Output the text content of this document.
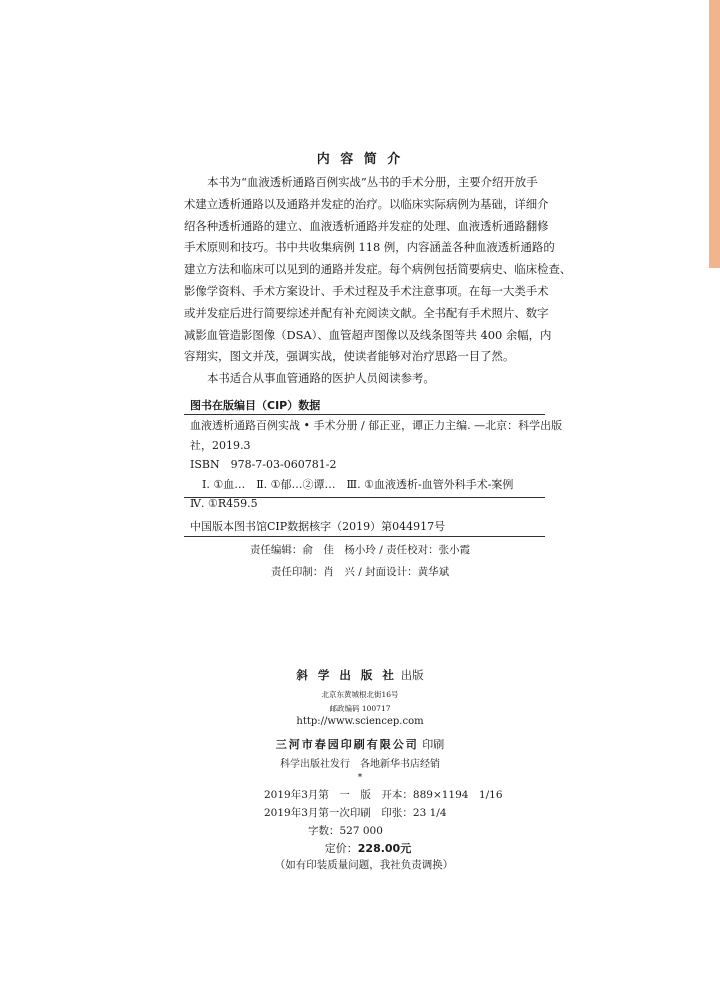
内 容 简 介
本书为“血液透析通路百例实战”丛书的手术分册，主要介绍开放手
术建立透析通路以及通路并发症的治疗。以临床实际病例为基础，详细介
绍各种透析通路的建立、血液透析通路并发症的处理、血液透析通路翻修
手术原则和技巧。书中共收集病例 118 例，内容涵盖各种血液透析通路的
建立方法和临床可以见到的通路并发症。每个病例包括简要病史、临床检查、
影像学资料、手术方案设计、手术过程及手术注意事项。在每一大类手术
或并发症后进行简要综述并配有补充阅读文献。全书配有手术照片、数字
减影血管造影图像（DSA）、血管超声图像以及线条图等共 400 余幅，内
容翔实，图文并茂，强调实战，使读者能够对治疗思路一目了然。
本书适合从事血管通路的医护人员阅读参考。
图书在版编目（CIP）数据
血液透析通路百例实战 • 手术分册 / 郁正亚，谭正力主编. —北京：科学出版
社，2019.3
ISBN　978-7-03-060781-2
Ⅰ. ①血…　Ⅱ. ①郁…②谭…　Ⅲ. ①血液透析-血管外科手术-案例
Ⅳ. ①R459.5
中国版本图书馆CIP数据核字（2019）第044917号
责任编辑：俞　佳　杨小玲 / 责任校对：张小霞
责任印制：肖　兴 / 封面设计：黄华斌
斜 学 出 版 社 出版
北京东黄城根北街16号
邮政编码 100717
http://www.sciencep.com
三河市春园印刷有限公司 印刷
科学出版社发行　各地新华书店经销
*
2019年3月第　一　版　开本：889×1194　1/16
2019年3月第一次印刷　印张：23 1/4
字数：527 000
定价：228.00元
（如有印装质量问题，我社负责调换）
